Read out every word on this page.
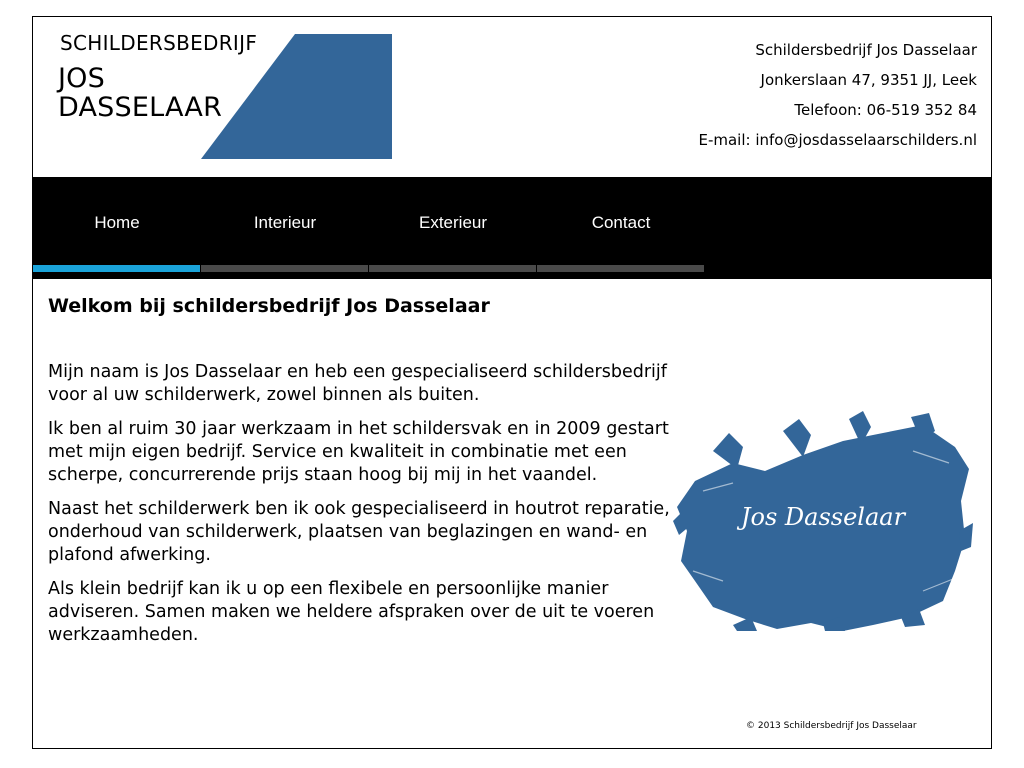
SCHILDERSBEDRIJF
JOS
DASSELAAR
Schildersbedrijf Jos Dasselaar
Jonkerslaan 47, 9351 JJ, Leek
Telefoon: 06-519 352 84
E-mail: info@josdasselaarschilders.nl
Home	Interieur	Exterieur	Contact
Welkom bij schildersbedrijf Jos Dasselaar

Mijn naam is Jos Dasselaar en heb een gespecialiseerd schildersbedrijf voor al uw schilderwerk, zowel binnen als buiten.

Ik ben al ruim 30 jaar werkzaam in het schildersvak en in 2009 gestart met mijn eigen bedrijf. Service en kwaliteit in combinatie met een scherpe, concurrerende prijs staan hoog bij mij in het vaandel.

Naast het schilderwerk ben ik ook gespecialiseerd in houtrot reparatie, onderhoud van schilderwerk, plaatsen van beglazingen en wand- en plafond afwerking.

Als klein bedrijf kan ik u op een flexibele en persoonlijke manier adviseren. Samen maken we heldere afspraken over de uit te voeren werkzaamheden.

Jos Dasselaar
© 2013 Schildersbedrijf Jos Dasselaar
